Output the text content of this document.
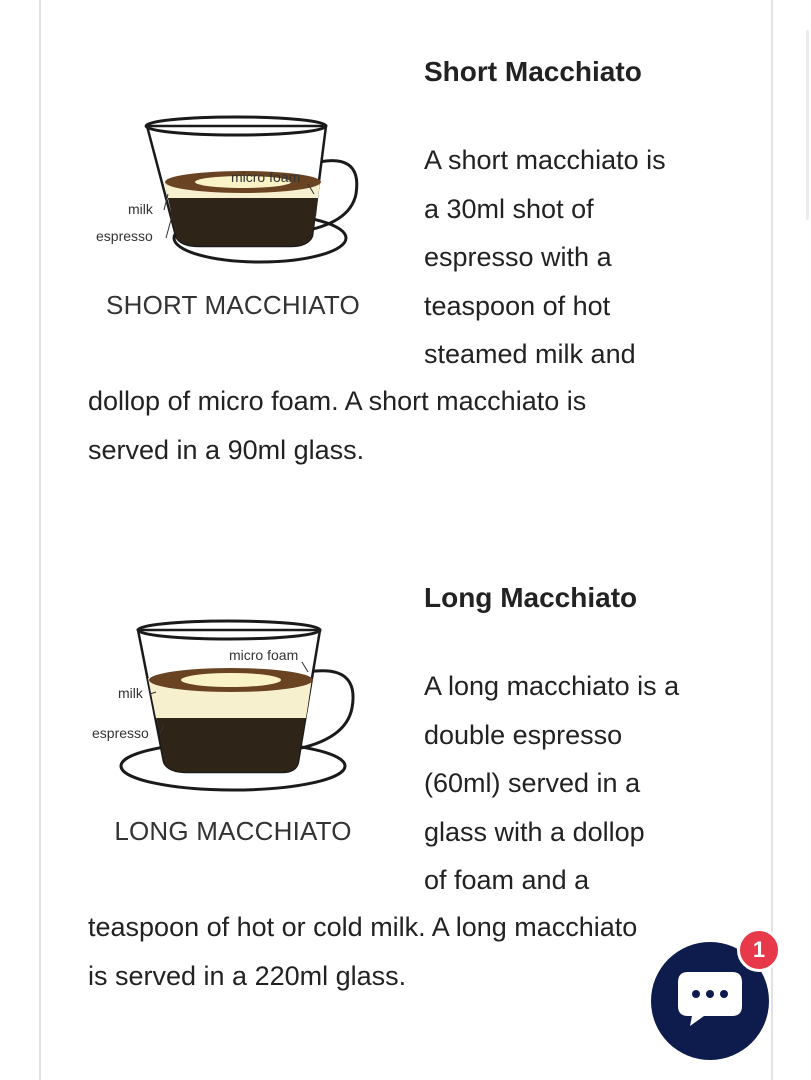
micro foam
milk
espresso
SHORT MACCHIATO
Short Macchiato
A short macchiato is
a 30ml shot of
espresso with a
teaspoon of hot
steamed milk and
dollop of micro foam. A short macchiato is
served in a 90ml glass.
micro foam
milk
espresso
LONG MACCHIATO
Long Macchiato
A long macchiato is a
double espresso
(60ml) served in a
glass with a dollop
of foam and a
teaspoon of hot or cold milk. A long macchiato
is served in a 220ml glass.
1
